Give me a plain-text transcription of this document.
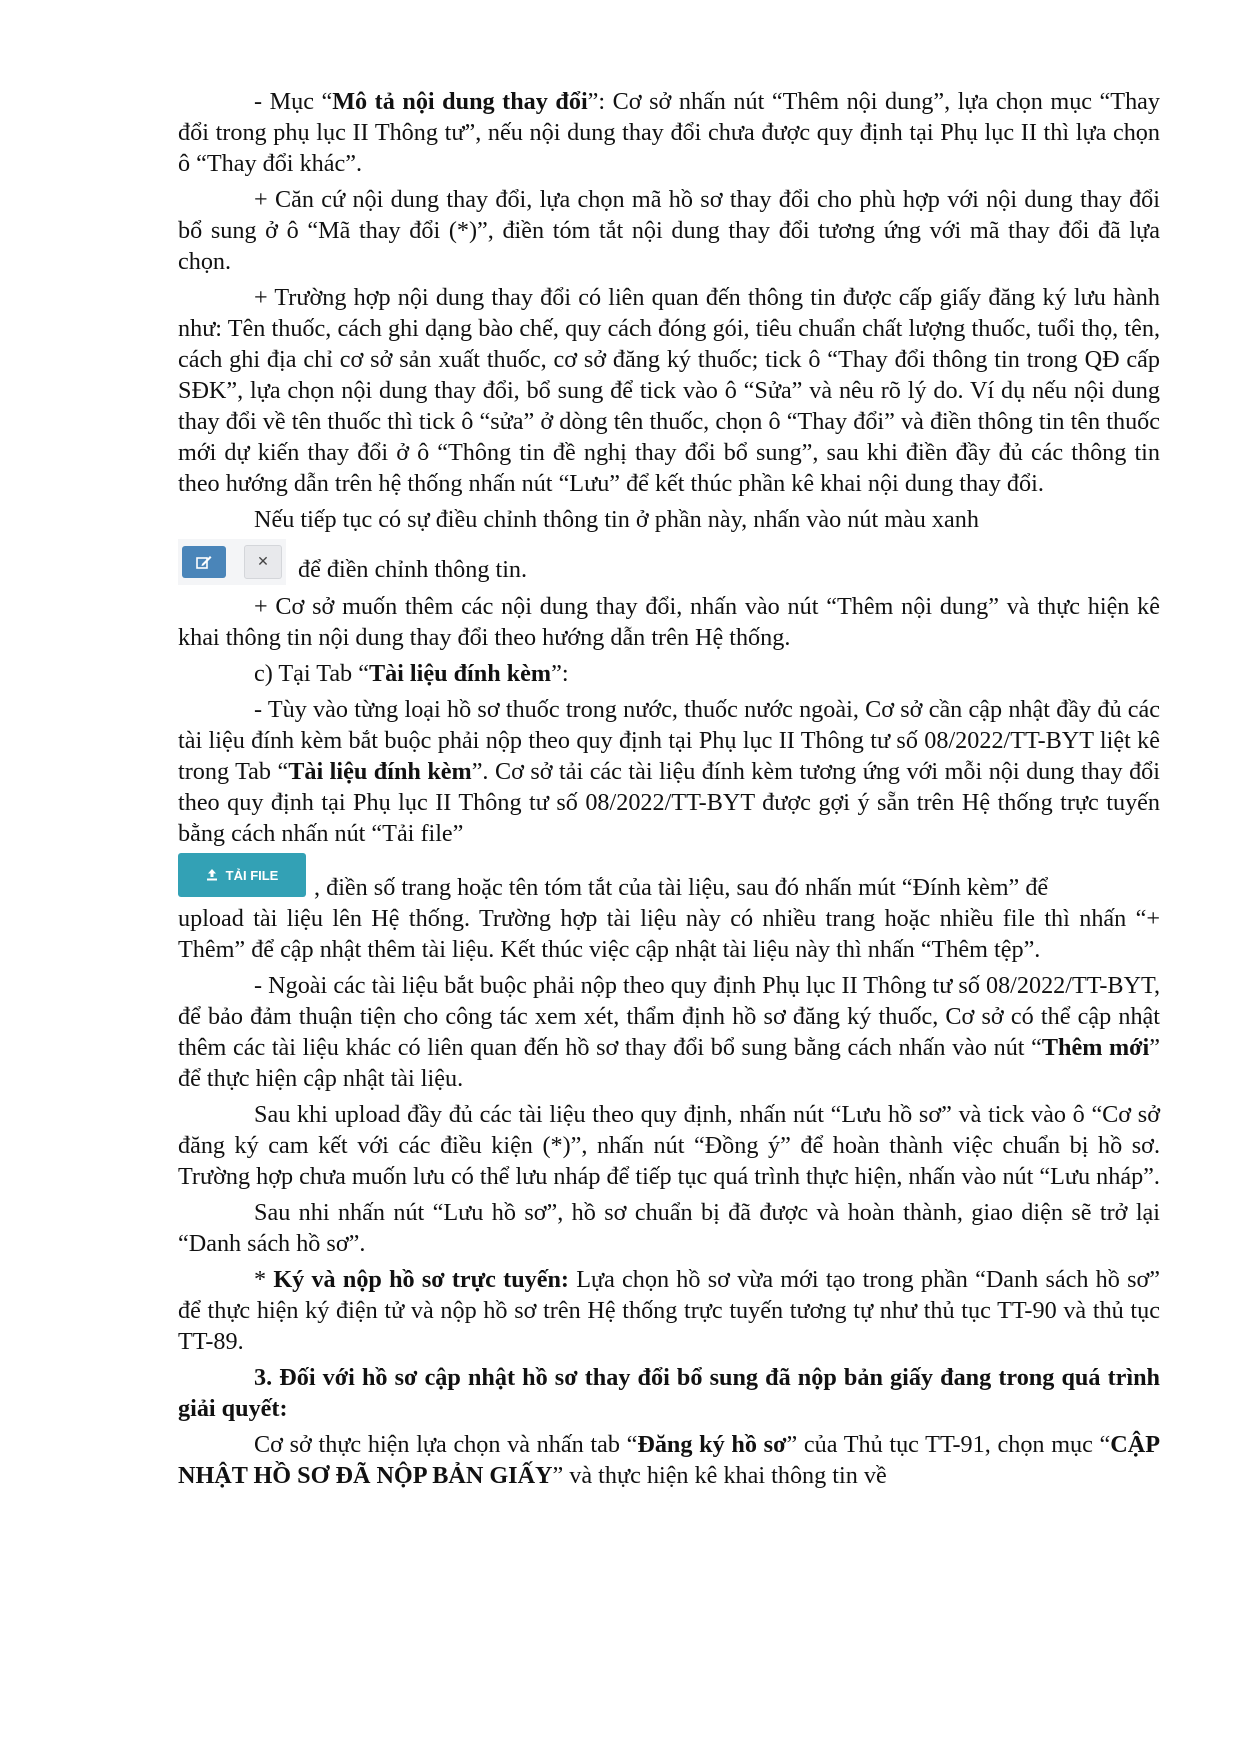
- Mục “Mô tả nội dung thay đổi”: Cơ sở nhấn nút “Thêm nội dung”, lựa chọn mục “Thay đổi trong phụ lục II Thông tư”, nếu nội dung thay đổi chưa được quy định tại Phụ lục II thì lựa chọn ô “Thay đổi khác”.

+ Căn cứ nội dung thay đổi, lựa chọn mã hồ sơ thay đổi cho phù hợp với nội dung thay đổi bổ sung ở ô “Mã thay đổi (*)”, điền tóm tắt nội dung thay đổi tương ứng với mã thay đổi đã lựa chọn.

+ Trường hợp nội dung thay đổi có liên quan đến thông tin được cấp giấy đăng ký lưu hành như: Tên thuốc, cách ghi dạng bào chế, quy cách đóng gói, tiêu chuẩn chất lượng thuốc, tuổi thọ, tên, cách ghi địa chỉ cơ sở sản xuất thuốc, cơ sở đăng ký thuốc; tick ô “Thay đổi thông tin trong QĐ cấp SĐK”, lựa chọn nội dung thay đổi, bổ sung để tick vào ô “Sửa” và nêu rõ lý do. Ví dụ nếu nội dung thay đổi về tên thuốc thì tick ô “sửa” ở dòng tên thuốc, chọn ô “Thay đổi” và điền thông tin tên thuốc mới dự kiến thay đổi ở ô “Thông tin đề nghị thay đổi bổ sung”, sau khi điền đầy đủ các thông tin theo hướng dẫn trên hệ thống nhấn nút “Lưu” để kết thúc phần kê khai nội dung thay đổi.

Nếu tiếp tục có sự điều chỉnh thông tin ở phần này, nhấn vào nút màu xanh

✕ để điền chỉnh thông tin.

+ Cơ sở muốn thêm các nội dung thay đổi, nhấn vào nút “Thêm nội dung” và thực hiện kê khai thông tin nội dung thay đổi theo hướng dẫn trên Hệ thống.

c) Tại Tab “Tài liệu đính kèm”:

- Tùy vào từng loại hồ sơ thuốc trong nước, thuốc nước ngoài, Cơ sở cần cập nhật đầy đủ các tài liệu đính kèm bắt buộc phải nộp theo quy định tại Phụ lục II Thông tư số 08/2022/TT-BYT liệt kê trong Tab “Tài liệu đính kèm”. Cơ sở tải các tài liệu đính kèm tương ứng với mỗi nội dung thay đổi theo quy định tại Phụ lục II Thông tư số 08/2022/TT-BYT được gợi ý sẵn trên Hệ thống trực tuyến bằng cách nhấn nút “Tải file”

TẢI FILE , điền số trang hoặc tên tóm tắt của tài liệu, sau đó nhấn mút “Đính kèm” để

upload tài liệu lên Hệ thống. Trường hợp tài liệu này có nhiều trang hoặc nhiều file thì nhấn “+ Thêm” để cập nhật thêm tài liệu. Kết thúc việc cập nhật tài liệu này thì nhấn “Thêm tệp”.

- Ngoài các tài liệu bắt buộc phải nộp theo quy định Phụ lục II Thông tư số 08/2022/TT-BYT, để bảo đảm thuận tiện cho công tác xem xét, thẩm định hồ sơ đăng ký thuốc, Cơ sở có thể cập nhật thêm các tài liệu khác có liên quan đến hồ sơ thay đổi bổ sung bằng cách nhấn vào nút “Thêm mới” để thực hiện cập nhật tài liệu.

Sau khi upload đầy đủ các tài liệu theo quy định, nhấn nút “Lưu hồ sơ” và tick vào ô “Cơ sở đăng ký cam kết với các điều kiện (*)”, nhấn nút “Đồng ý” để hoàn thành việc chuẩn bị hồ sơ. Trường hợp chưa muốn lưu có thể lưu nháp để tiếp tục quá trình thực hiện, nhấn vào nút “Lưu nháp”.

Sau nhi nhấn nút “Lưu hồ sơ”, hồ sơ chuẩn bị đã được và hoàn thành, giao diện sẽ trở lại “Danh sách hồ sơ”.

* Ký và nộp hồ sơ trực tuyến: Lựa chọn hồ sơ vừa mới tạo trong phần “Danh sách hồ sơ” để thực hiện ký điện tử và nộp hồ sơ trên Hệ thống trực tuyến tương tự như thủ tục TT-90 và thủ tục TT-89.

3. Đối với hồ sơ cập nhật hồ sơ thay đổi bổ sung đã nộp bản giấy đang trong quá trình giải quyết:

Cơ sở thực hiện lựa chọn và nhấn tab “Đăng ký hồ sơ” của Thủ tục TT-91, chọn mục “CẬP NHẬT HỒ SƠ ĐÃ NỘP BẢN GIẤY” và thực hiện kê khai thông tin về
